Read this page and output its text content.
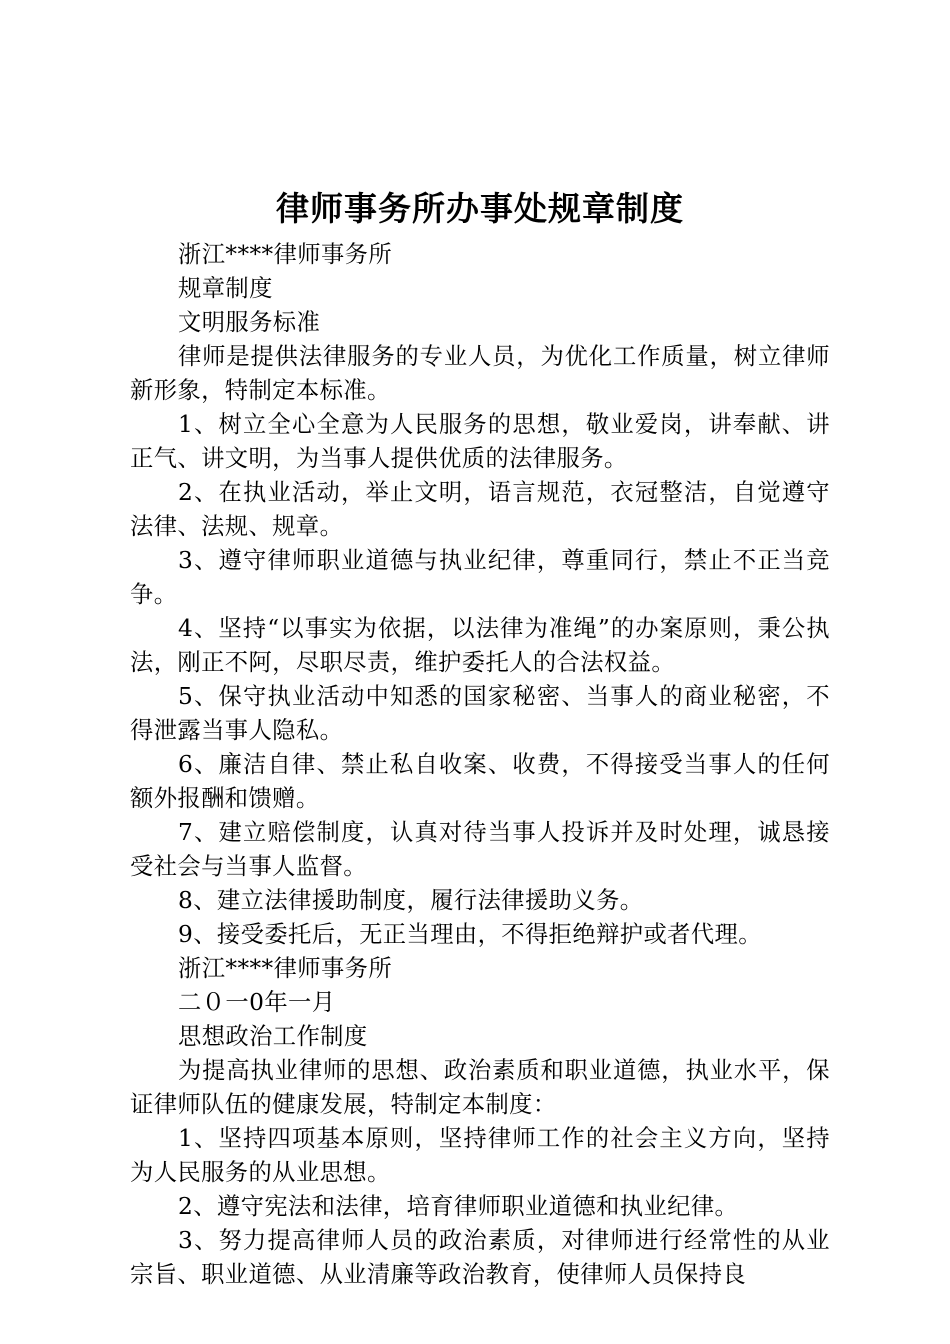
律师事务所办事处规章制度

浙江****律师事务所

规章制度

文明服务标准

律师是提供法律服务的专业人员，为优化工作质量，树立律师新形象，特制定本标准。

1、树立全心全意为人民服务的思想，敬业爱岗，讲奉献、讲正气、讲文明，为当事人提供优质的法律服务。

2、在执业活动，举止文明，语言规范，衣冠整洁，自觉遵守法律、法规、规章。

3、遵守律师职业道德与执业纪律，尊重同行，禁止不正当竞争。

4、坚持“以事实为依据，以法律为准绳”的办案原则，秉公执法，刚正不阿，尽职尽责，维护委托人的合法权益。

5、保守执业活动中知悉的国家秘密、当事人的商业秘密，不得泄露当事人隐私。

6、廉洁自律、禁止私自收案、收费，不得接受当事人的任何额外报酬和馈赠。

7、建立赔偿制度，认真对待当事人投诉并及时处理，诚恳接受社会与当事人监督。

8、建立法律援助制度，履行法律援助义务。

9、接受委托后，无正当理由，不得拒绝辩护或者代理。

浙江****律师事务所

二０一0年一月

思想政治工作制度

为提高执业律师的思想、政治素质和职业道德，执业水平，保证律师队伍的健康发展，特制定本制度：

1、坚持四项基本原则，坚持律师工作的社会主义方向，坚持为人民服务的从业思想。

2、遵守宪法和法律，培育律师职业道德和执业纪律。

3、努力提高律师人员的政治素质，对律师进行经常性的从业宗旨、职业道德、从业清廉等政治教育，使律师人员保持良
